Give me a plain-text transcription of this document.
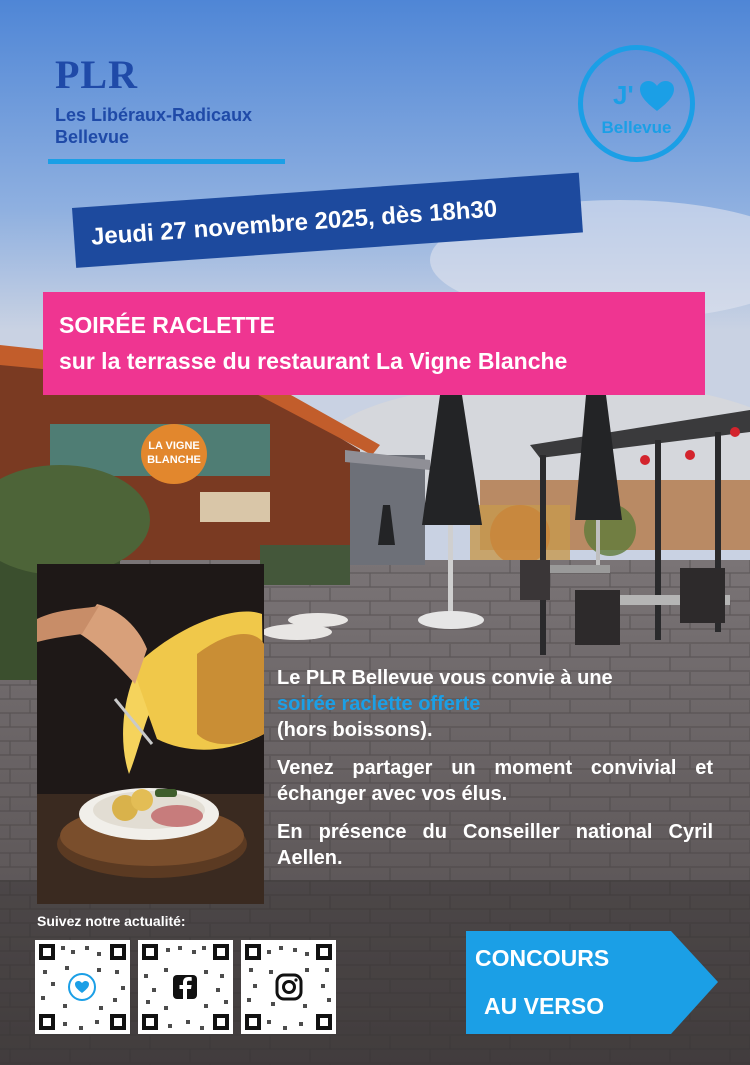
LA VIGNE
BLANCHE
PLR
Les Libéraux-Radicaux
Bellevue
J'
Bellevue
Jeudi 27 novembre 2025, dès 18h30
SOIRÉE RACLETTE
sur la terrasse du restaurant La Vigne Blanche

Le PLR Bellevue vous convie à une
soirée raclette offerte
(hors boissons).

Venez partager un moment convivial et échanger avec vos élus.

En présence du Conseiller national Cyril Aellen.

Suivez notre actualité:
CONCOURS
AU VERSO
